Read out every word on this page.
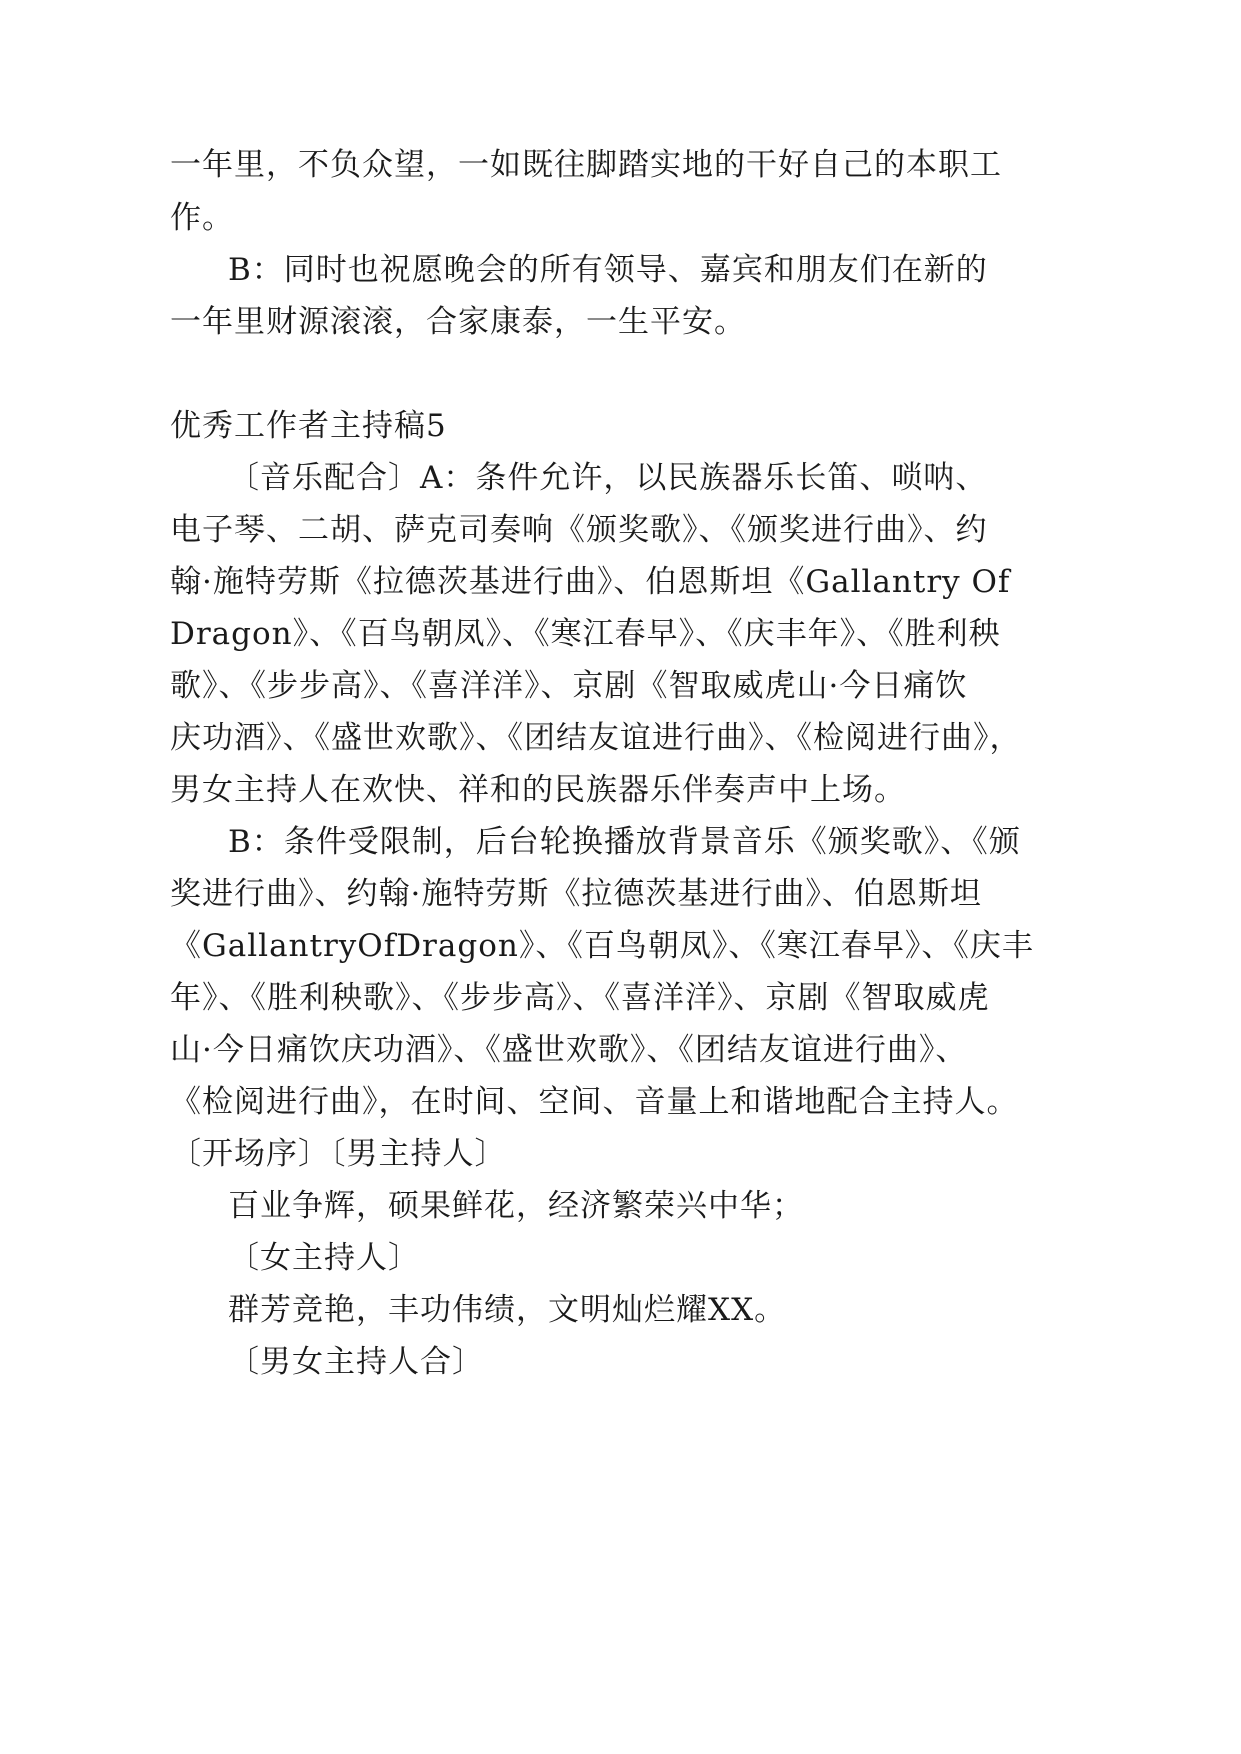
一年里，不负众望，一如既往脚踏实地的干好自己的本职工
作。
B：同时也祝愿晚会的所有领导、嘉宾和朋友们在新的
一年里财源滚滚，合家康泰，一生平安。
优秀工作者主持稿5
〔音乐配合〕A：条件允许，以民族器乐长笛、唢呐、
电子琴、二胡、萨克司奏响《颁奖歌》、《颁奖进行曲》、约
翰·施特劳斯《拉德茨基进行曲》、伯恩斯坦《Gallantry Of
Dragon》、《百鸟朝凤》、《寒江春早》、《庆丰年》、《胜利秧
歌》、《步步高》、《喜洋洋》、京剧《智取威虎山·今日痛饮
庆功酒》、《盛世欢歌》、《团结友谊进行曲》、《检阅进行曲》，
男女主持人在欢快、祥和的民族器乐伴奏声中上场。
B：条件受限制，后台轮换播放背景音乐《颁奖歌》、《颁
奖进行曲》、约翰·施特劳斯《拉德茨基进行曲》、伯恩斯坦
《GallantryOfDragon》、《百鸟朝凤》、《寒江春早》、《庆丰
年》、《胜利秧歌》、《步步高》、《喜洋洋》、京剧《智取威虎
山·今日痛饮庆功酒》、《盛世欢歌》、《团结友谊进行曲》、
《检阅进行曲》，在时间、空间、音量上和谐地配合主持人。
〔开场序〕〔男主持人〕
百业争辉，硕果鲜花，经济繁荣兴中华；
〔女主持人〕
群芳竞艳，丰功伟绩，文明灿烂耀XX。
〔男女主持人合〕
